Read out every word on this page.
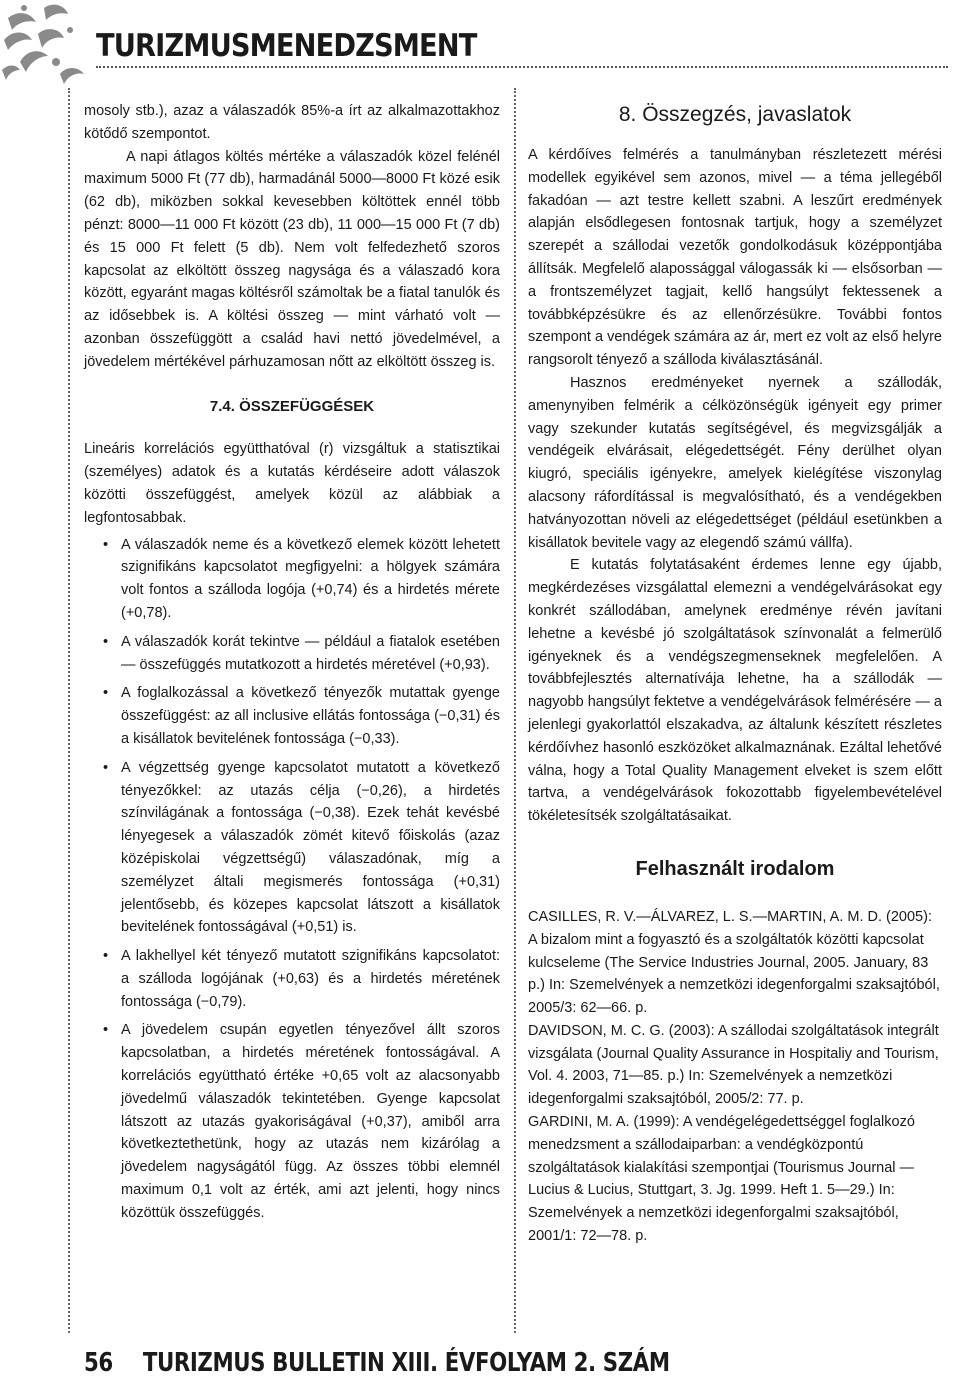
TURIZMUSMENEDZSMENT

mosoly stb.), azaz a válaszadók 85%-a írt az alkalmazottakhoz kötődő szempontot.

A napi átlagos költés mértéke a válaszadók közel felénél maximum 5000 Ft (77 db), harmadánál 5000—8000 Ft közé esik (62 db), miközben sokkal kevesebben költöttek ennél több pénzt: 8000—11 000 Ft között (23 db), 11 000—15 000 Ft (7 db) és 15 000 Ft felett (5 db). Nem volt felfedezhető szoros kapcsolat az elköltött összeg nagysága és a válaszadó kora között, egyaránt magas költésről számoltak be a fiatal tanulók és az idősebbek is. A költési összeg — mint várható volt — azonban összefüggött a család havi nettó jövedelmével, a jövedelem mértékével párhuzamosan nőtt az elköltött összeg is.

7.4. ÖSSZEFÜGGÉSEK

Lineáris korrelációs együtthatóval (r) vizsgáltuk a statisztikai (személyes) adatok és a kutatás kérdéseire adott válaszok közötti összefüggést, amelyek közül az alábbiak a legfontosabbak.

• A válaszadók neme és a következő elemek között lehetett szignifikáns kapcsolatot megfigyelni: a hölgyek számára volt fontos a szálloda logója (+0,74) és a hirdetés mérete (+0,78).
• A válaszadók korát tekintve — például a fiatalok esetében — összefüggés mutatkozott a hirdetés méretével (+0,93).
• A foglalkozással a következő tényezők mutattak gyenge összefüggést: az all inclusive ellátás fontossága (−0,31) és a kisállatok bevitelének fontossága (−0,33).
• A végzettség gyenge kapcsolatot mutatott a következő tényezőkkel: az utazás célja (−0,26), a hirdetés színvilágának a fontossága (−0,38). Ezek tehát kevésbé lényegesek a válaszadók zömét kitevő főiskolás (azaz középiskolai végzettségű) válaszadónak, míg a személyzet általi megismerés fontossága (+0,31) jelentősebb, és közepes kapcsolat látszott a kisállatok bevitelének fontosságával (+0,51) is.
• A lakhellyel két tényező mutatott szignifikáns kapcsolatot: a szálloda logójának (+0,63) és a hirdetés méretének fontossága (−0,79).
• A jövedelem csupán egyetlen tényezővel állt szoros kapcsolatban, a hirdetés méretének fontosságával. A korrelációs együttható értéke +0,65 volt az alacsonyabb jövedelmű válaszadók tekintetében. Gyenge kapcsolat látszott az utazás gyakoriságával (+0,37), amiből arra következtethetünk, hogy az utazás nem kizárólag a jövedelem nagyságától függ. Az összes többi elemnél maximum 0,1 volt az érték, ami azt jelenti, hogy nincs közöttük összefüggés.
8. Összegzés, javaslatok

A kérdőíves felmérés a tanulmányban részletezett mérési modellek egyikével sem azonos, mivel — a téma jellegéből fakadóan — azt testre kellett szabni. A leszűrt eredmények alapján elsődlegesen fontosnak tartjuk, hogy a személyzet szerepét a szállodai vezetők gondolkodásuk középpontjába állítsák. Megfelelő alapossággal válogassák ki — elsősorban — a frontszemélyzet tagjait, kellő hangsúlyt fektessenek a továbbképzésükre és az ellenőrzésükre. További fontos szempont a vendégek számára az ár, mert ez volt az első helyre rangsorolt tényező a szálloda kiválasztásánál.

Hasznos eredményeket nyernek a szállodák, amenynyiben felmérik a célközönségük igényeit egy primer vagy szekunder kutatás segítségével, és megvizsgálják a vendégeik elvárásait, elégedettségét. Fény derülhet olyan kiugró, speciális igényekre, amelyek kielégítése viszonylag alacsony ráfordítással is megvalósítható, és a vendégekben hatványozottan növeli az elégedettséget (például esetünkben a kisállatok bevitele vagy az elegendő számú vállfa).

E kutatás folytatásaként érdemes lenne egy újabb, megkérdezéses vizsgálattal elemezni a vendégelvárásokat egy konkrét szállodában, amelynek eredménye révén javítani lehetne a kevésbé jó szolgáltatások színvonalát a felmerülő igényeknek és a vendégszegmenseknek megfelelően. A továbbfejlesztés alternatívája lehetne, ha a szállodák — nagyobb hangsúlyt fektetve a vendégelvárások felmérésére — a jelenlegi gyakorlattól elszakadva, az általunk készített részletes kérdőívhez hasonló eszközöket alkalmaznának. Ezáltal lehetővé válna, hogy a Total Quality Management elveket is szem előtt tartva, a vendégelvárások fokozottabb figyelembevételével tökéletesítsék szolgáltatásaikat.

Felhasznált irodalom

CASILLES, R. V.—ÁLVAREZ, L. S.—MARTIN, A. M. D. (2005): A bizalom mint a fogyasztó és a szolgáltatók közötti kapcsolat kulcseleme (The Service Industries Journal, 2005. January, 83 p.) In: Szemelvények a nemzetközi idegenforgalmi szaksajtóból, 2005/3: 62—66. p.

DAVIDSON, M. C. G. (2003): A szállodai szolgáltatások integrált vizsgálata (Journal Quality Assurance in Hospitaliy and Tourism, Vol. 4. 2003, 71—85. p.) In: Szemelvények a nemzetközi idegenforgalmi szaksajtóból, 2005/2: 77. p.

GARDINI, M. A. (1999): A vendégelégedettséggel foglalkozó menedzsment a szállodaiparban: a vendégközpontú szolgáltatások kialakítási szempontjai (Tourismus Journal — Lucius & Lucius, Stuttgart, 3. Jg. 1999. Heft 1. 5—29.) In: Szemelvények a nemzetközi idegenforgalmi szaksajtóból, 2001/1: 72—78. p.

56 TURIZMUS BULLETIN XIII. ÉVFOLYAM 2. SZÁM
